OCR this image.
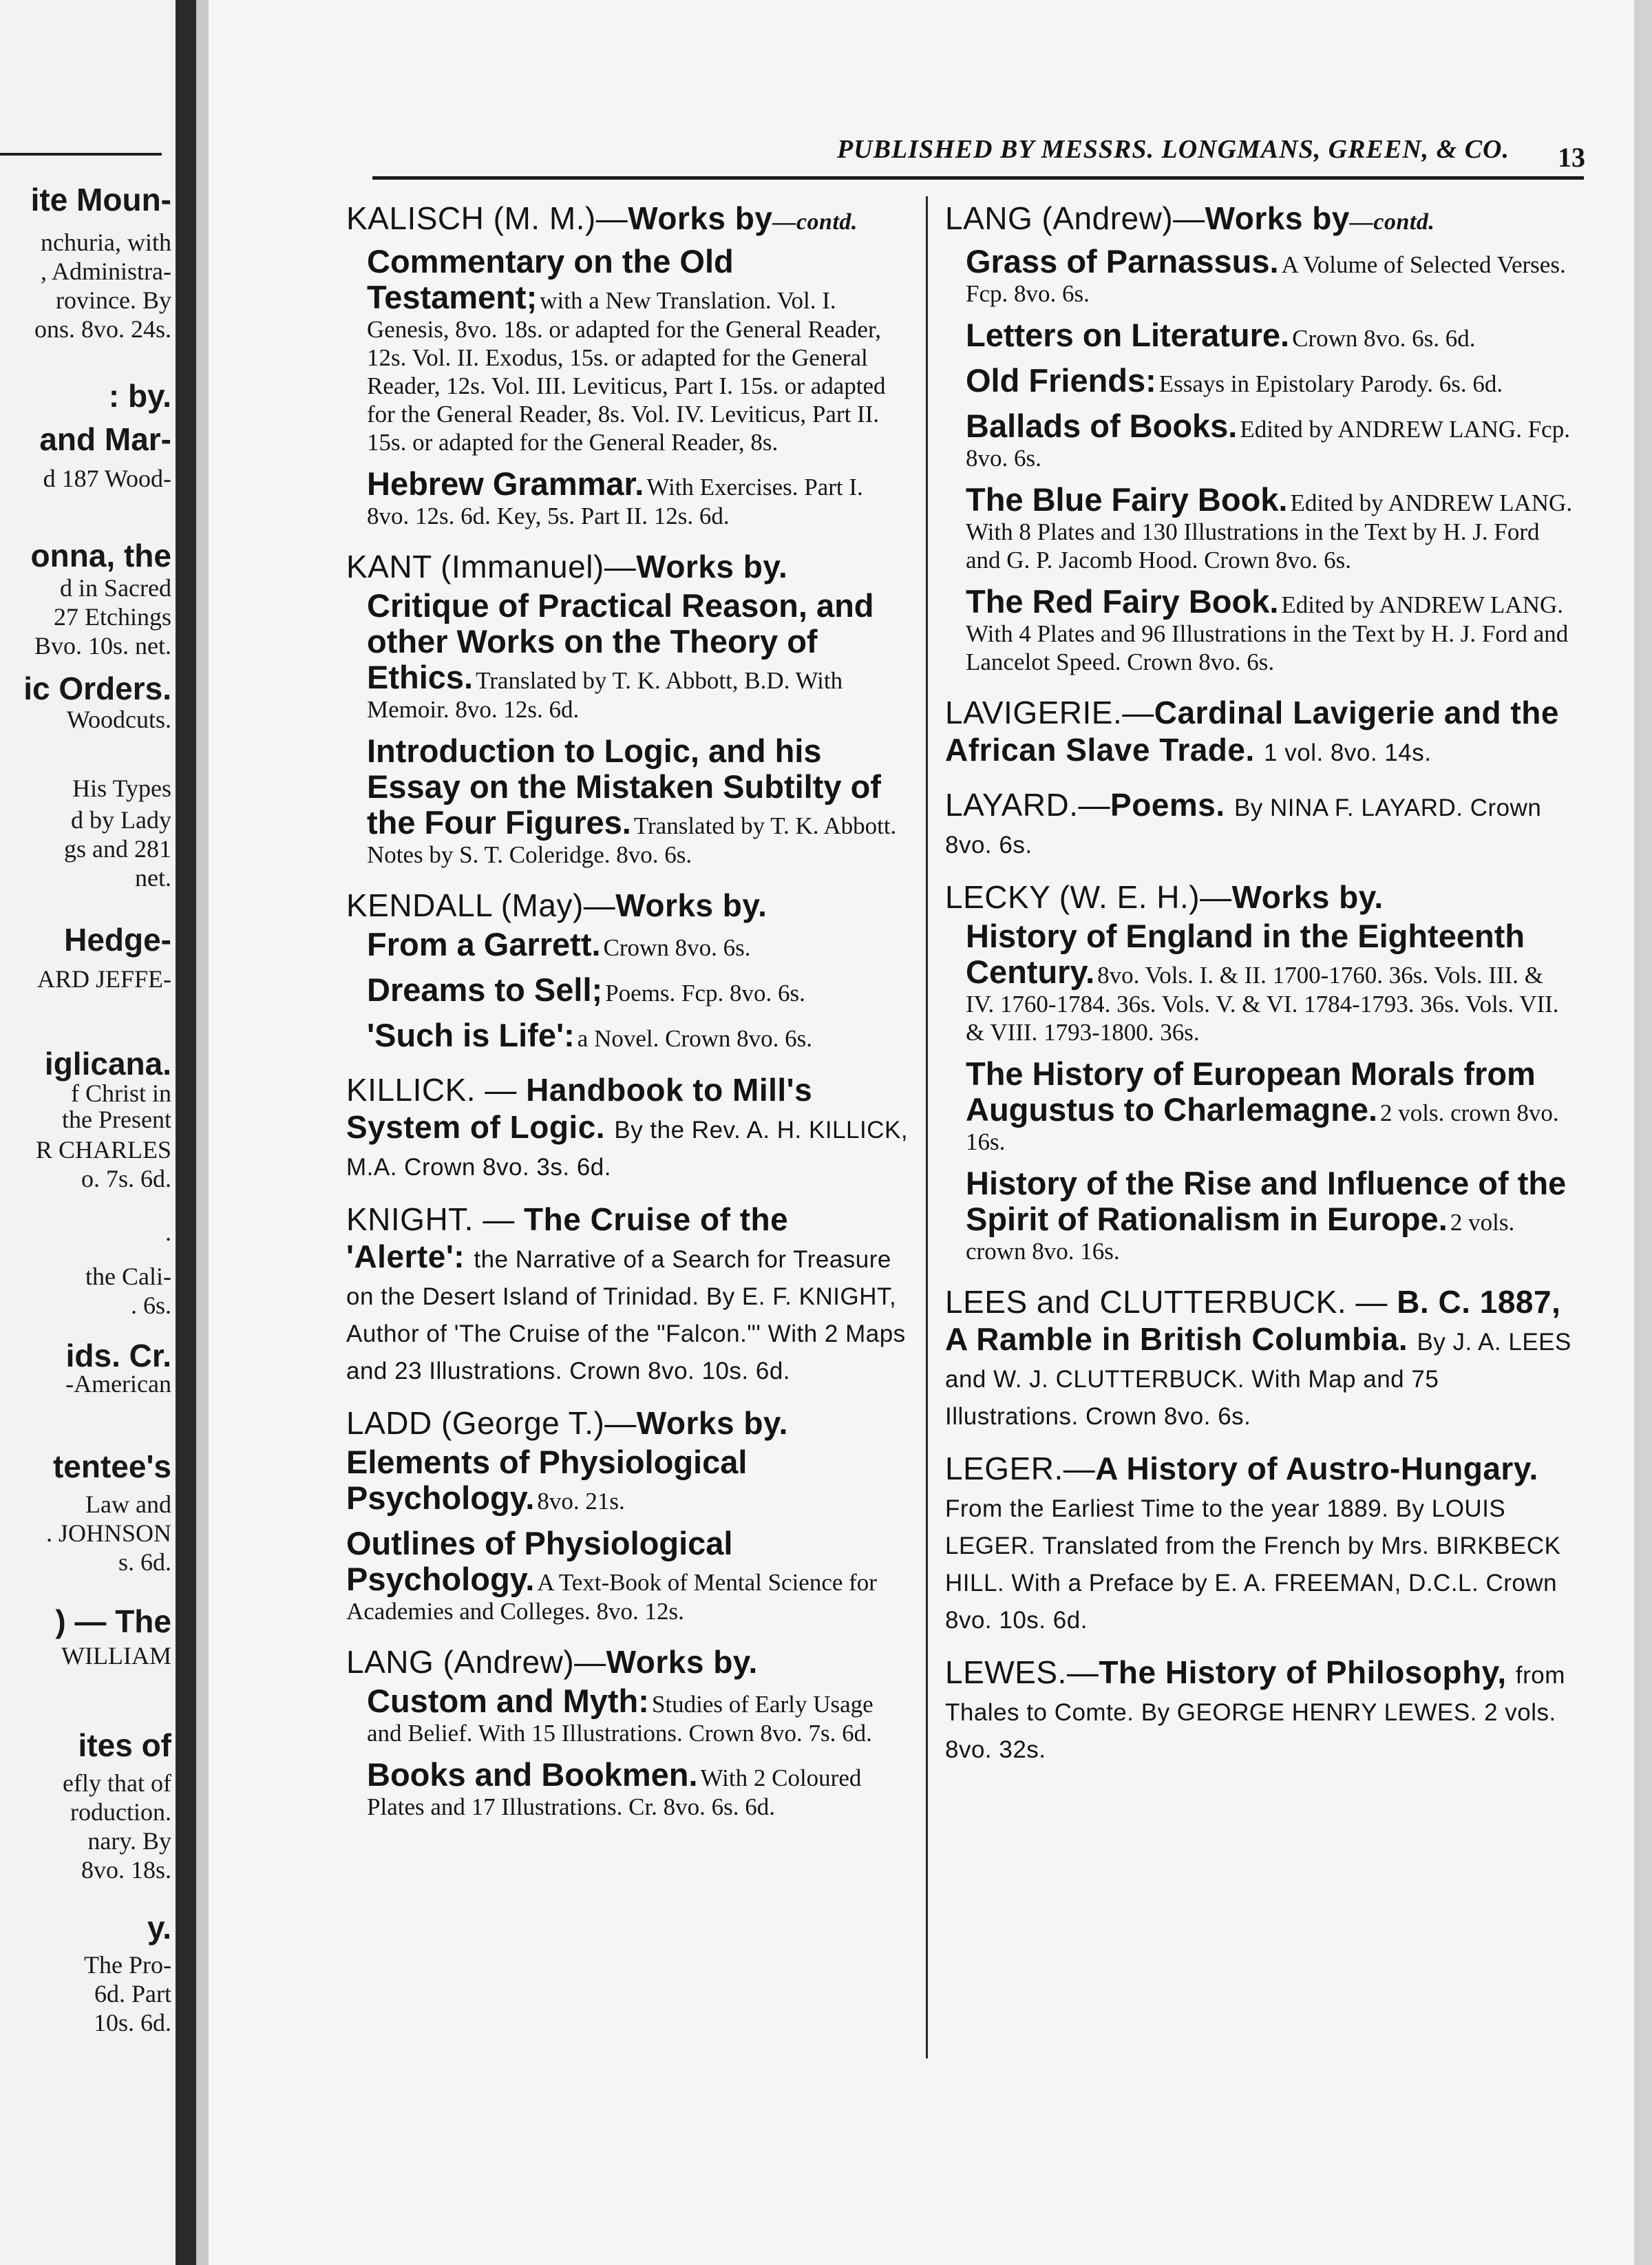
ite Moun-
nchuria, with
, Administra-
rovince. By
ons. 8vo. 24s.
: by.
and Mar-
d 187 Wood-
onna, the
d in Sacred
27 Etchings
Bvo. 10s. net.
ic Orders.
Woodcuts.
His Types
d by Lady
gs and 281
net.
Hedge-
ARD JEFFE-
iglicana.
f Christ in
the Present
R CHARLES
o. 7s. 6d.
.
the Cali-
. 6s.
ids. Cr.
-American
tentee's
Law and
. JOHNSON
s. 6d.
) — The
WILLIAM
ites of
efly that of
roduction.
nary. By
8vo. 18s.
y.
The Pro-
6d. Part
10s. 6d.
PUBLISHED BY MESSRS. LONGMANS, GREEN, & CO.	13
KALISCH (M. M.)—Works by—contd.
Commentary on the Old Testament; with a New Translation. Vol. I. Genesis, 8vo. 18s. or adapted for the General Reader, 12s. Vol. II. Exodus, 15s. or adapted for the General Reader, 12s. Vol. III. Leviticus, Part I. 15s. or adapted for the General Reader, 8s. Vol. IV. Leviticus, Part II. 15s. or adapted for the General Reader, 8s.
Hebrew Grammar. With Exercises. Part I. 8vo. 12s. 6d. Key, 5s. Part II. 12s. 6d.
KANT (Immanuel)—Works by.
Critique of Practical Reason, and other Works on the Theory of Ethics. Translated by T. K. Abbott, B.D. With Memoir. 8vo. 12s. 6d.
Introduction to Logic, and his Essay on the Mistaken Subtilty of the Four Figures. Translated by T. K. Abbott. Notes by S. T. Coleridge. 8vo. 6s.
KENDALL (May)—Works by.
From a Garrett. Crown 8vo. 6s.
Dreams to Sell; Poems. Fcp. 8vo. 6s.
'Such is Life': a Novel. Crown 8vo. 6s.
KILLICK. — Handbook to Mill's System of Logic. By the Rev. A. H. KILLICK, M.A. Crown 8vo. 3s. 6d.
KNIGHT. — The Cruise of the 'Alerte': the Narrative of a Search for Treasure on the Desert Island of Trinidad. By E. F. KNIGHT, Author of 'The Cruise of the "Falcon."' With 2 Maps and 23 Illustrations. Crown 8vo. 10s. 6d.
LADD (George T.)—Works by.
Elements of Physiological Psychology. 8vo. 21s.
Outlines of Physiological Psychology. A Text-Book of Mental Science for Academies and Colleges. 8vo. 12s.
LANG (Andrew)—Works by.
Custom and Myth: Studies of Early Usage and Belief. With 15 Illustrations. Crown 8vo. 7s. 6d.
Books and Bookmen. With 2 Coloured Plates and 17 Illustrations. Cr. 8vo. 6s. 6d.
LANG (Andrew)—Works by—contd.
Grass of Parnassus. A Volume of Selected Verses. Fcp. 8vo. 6s.
Letters on Literature. Crown 8vo. 6s. 6d.
Old Friends: Essays in Epistolary Parody. 6s. 6d.
Ballads of Books. Edited by ANDREW LANG. Fcp. 8vo. 6s.
The Blue Fairy Book. Edited by ANDREW LANG. With 8 Plates and 130 Illustrations in the Text by H. J. Ford and G. P. Jacomb Hood. Crown 8vo. 6s.
The Red Fairy Book. Edited by ANDREW LANG. With 4 Plates and 96 Illustrations in the Text by H. J. Ford and Lancelot Speed. Crown 8vo. 6s.
LAVIGERIE.—Cardinal Lavigerie and the African Slave Trade. 1 vol. 8vo. 14s.
LAYARD.—Poems. By NINA F. LAYARD. Crown 8vo. 6s.
LECKY (W. E. H.)—Works by.
History of England in the Eighteenth Century. 8vo. Vols. I. & II. 1700-1760. 36s. Vols. III. & IV. 1760-1784. 36s. Vols. V. & VI. 1784-1793. 36s. Vols. VII. & VIII. 1793-1800. 36s.
The History of European Morals from Augustus to Charlemagne. 2 vols. crown 8vo. 16s.
History of the Rise and Influence of the Spirit of Rationalism in Europe. 2 vols. crown 8vo. 16s.
LEES and CLUTTERBUCK. — B. C. 1887, A Ramble in British Columbia. By J. A. LEES and W. J. CLUTTERBUCK. With Map and 75 Illustrations. Crown 8vo. 6s.
LEGER.—A History of Austro-Hungary. From the Earliest Time to the year 1889. By LOUIS LEGER. Translated from the French by Mrs. BIRKBECK HILL. With a Preface by E. A. FREEMAN, D.C.L. Crown 8vo. 10s. 6d.
LEWES.—The History of Philosophy, from Thales to Comte. By GEORGE HENRY LEWES. 2 vols. 8vo. 32s.
